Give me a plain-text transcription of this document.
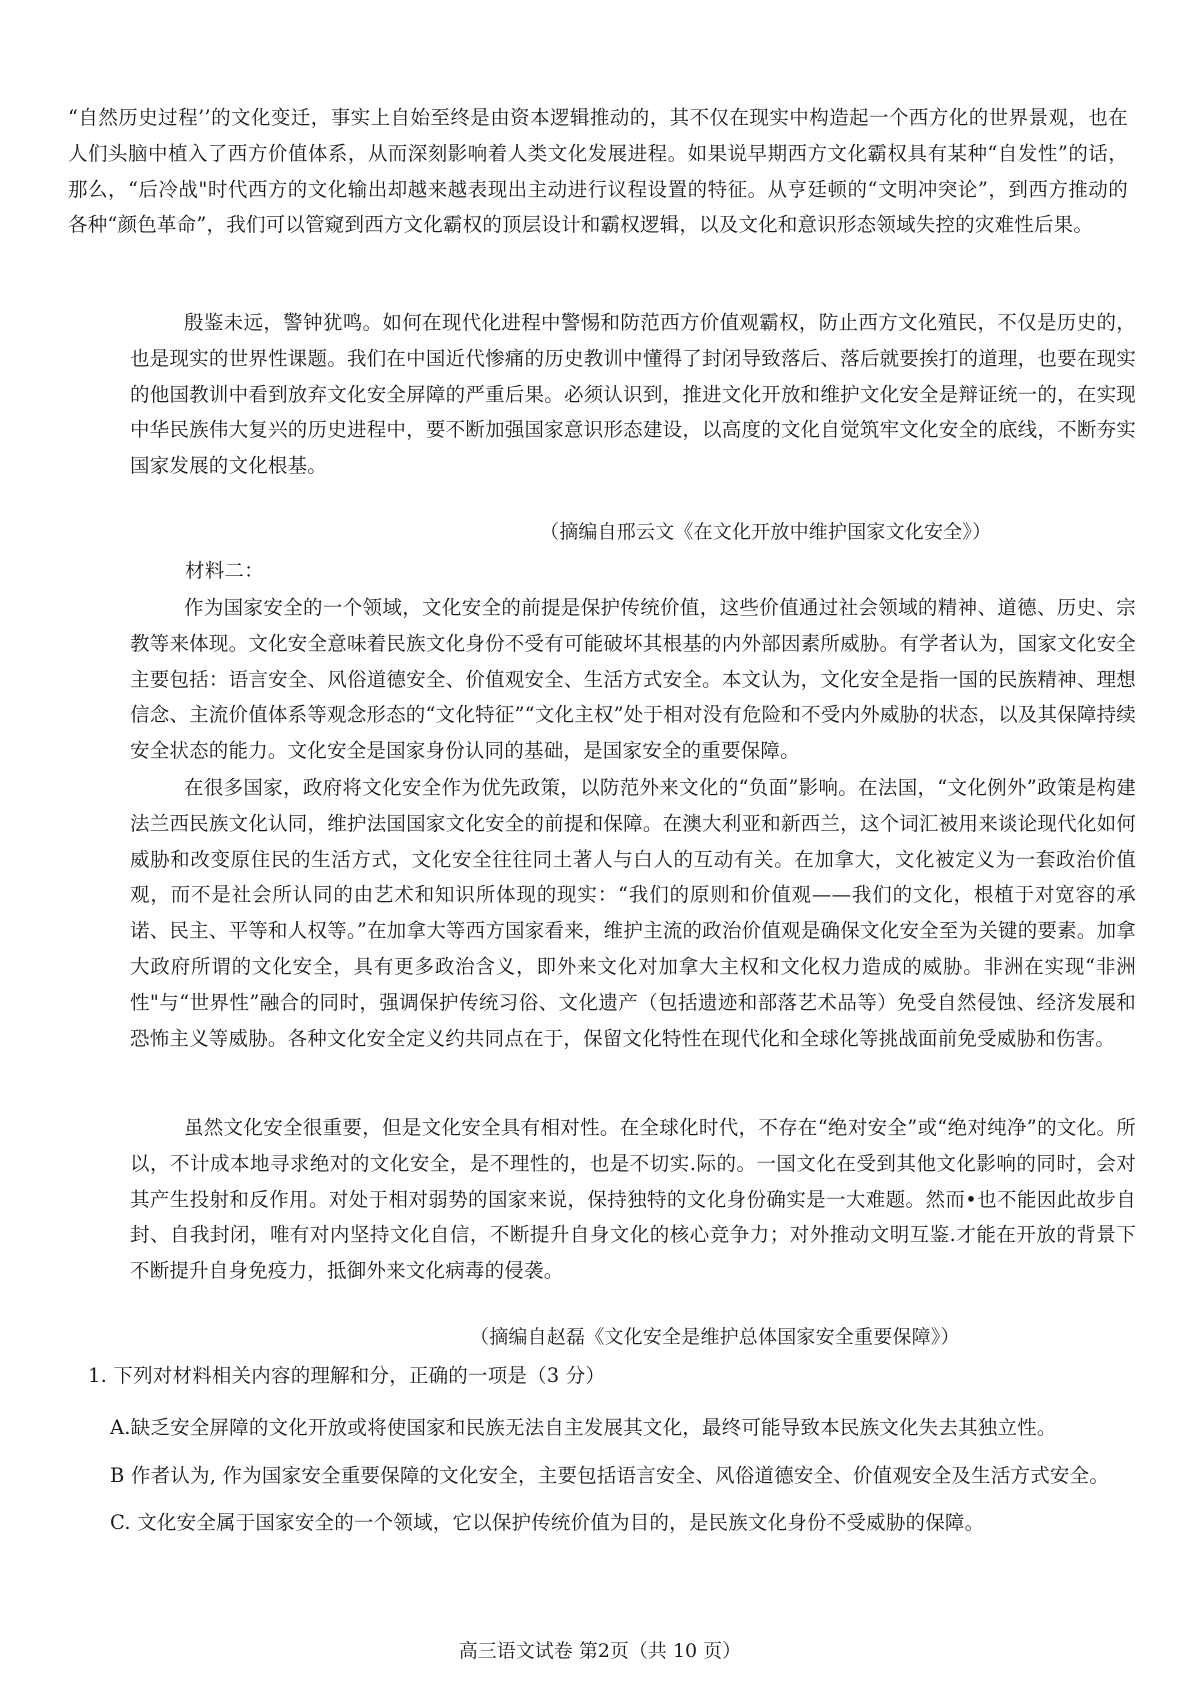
“自然历史过程’’的文化变迁，事实上自始至终是由资本逻辑推动的，其不仅在现实中构造起一个西方化的世界景观，也在人们头脑中植入了西方价值体系，从而深刻影响着人类文化发展进程。如果说早期西方文化霸权具有某种“自发性”的话，那么，“后冷战"时代西方的文化输出却越来越表现出主动进行议程设置的特征。从亨廷顿的“文明冲突论”，到西方推动的各种“颜色革命”，我们可以管窥到西方文化霸权的顶层设计和霸权逻辑，以及文化和意识形态领域失控的灾难性后果。

殷鉴未远，警钟犹鸣。如何在现代化进程中警惕和防范西方价值观霸权，防止西方文化殖民，不仅是历史的，也是现实的世界性课题。我们在中国近代惨痛的历史教训中懂得了封闭导致落后、落后就要挨打的道理，也要在现实的他国教训中看到放弃文化安全屏障的严重后果。必须认识到，推进文化开放和维护文化安全是辩证统一的，在实现中华民族伟大复兴的历史进程中，要不断加强国家意识形态建设，以高度的文化自觉筑牢文化安全的底线，不断夯实国家发展的文化根基。

（摘编自邢云文《在文化开放中维护国家文化安全》）

材料二：

作为国家安全的一个领域，文化安全的前提是保护传统价值，这些价值通过社会领域的精神、道德、历史、宗教等来体现。文化安全意味着民族文化身份不受有可能破坏其根基的内外部因素所威胁。有学者认为，国家文化安全主要包括：语言安全、风俗道德安全、价值观安全、生活方式安全。本文认为，文化安全是指一国的民族精神、理想信念、主流价值体系等观念形态的“文化特征”“文化主权”处于相对没有危险和不受内外威胁的状态，以及其保障持续安全状态的能力。文化安全是国家身份认同的基础，是国家安全的重要保障。

在很多国家，政府将文化安全作为优先政策，以防范外来文化的“负面”影响。在法国，“文化例外”政策是构建法兰西民族文化认同，维护法国国家文化安全的前提和保障。在澳大利亚和新西兰，这个词汇被用来谈论现代化如何威胁和改变原住民的生活方式，文化安全往往同土著人与白人的互动有关。在加拿大，文化被定义为一套政治价值观，而不是社会所认同的由艺术和知识所体现的现实：“我们的原则和价值观——我们的文化，根植于对宽容的承诺、民主、平等和人权等。”在加拿大等西方国家看来，维护主流的政治价值观是确保文化安全至为关键的要素。加拿大政府所谓的文化安全，具有更多政治含义，即外来文化对加拿大主权和文化权力造成的威胁。非洲在实现“非洲性"与“世界性”融合的同时，强调保护传统习俗、文化遗产（包括遗迹和部落艺术品等）免受自然侵蚀、经济发展和恐怖主义等威胁。各种文化安全定义约共同点在于，保留文化特性在现代化和全球化等挑战面前免受威胁和伤害。

虽然文化安全很重要，但是文化安全具有相对性。在全球化时代，不存在“绝对安全”或“绝对纯净”的文化。所以，不计成本地寻求绝对的文化安全，是不理性的，也是不切实.际的。一国文化在受到其他文化影响的同时，会对其产生投射和反作用。对处于相对弱势的国家来说，保持独特的文化身份确实是一大难题。然而•也不能因此故步自封、自我封闭，唯有对内坚持文化自信，不断提升自身文化的核心竞争力；对外推动文明互鉴.才能在开放的背景下不断提升自身免疫力，抵御外来文化病毒的侵袭。

（摘编自赵磊《文化安全是维护总体国家安全重要保障》）

1. 下列对材料相关内容的理解和分，正确的一项是（3 分）

A.缺乏安全屏障的文化开放或将使国家和民族无法自主发展其文化，最终可能导致本民族文化失去其独立性。

B 作者认为, 作为国家安全重要保障的文化安全，主要包括语言安全、风俗道德安全、价值观安全及生活方式安全。

C. 文化安全属于国家安全的一个领域，它以保护传统价值为目的，是民族文化身份不受威胁的保障。

高三语文试卷 第2页（共 10 页）
